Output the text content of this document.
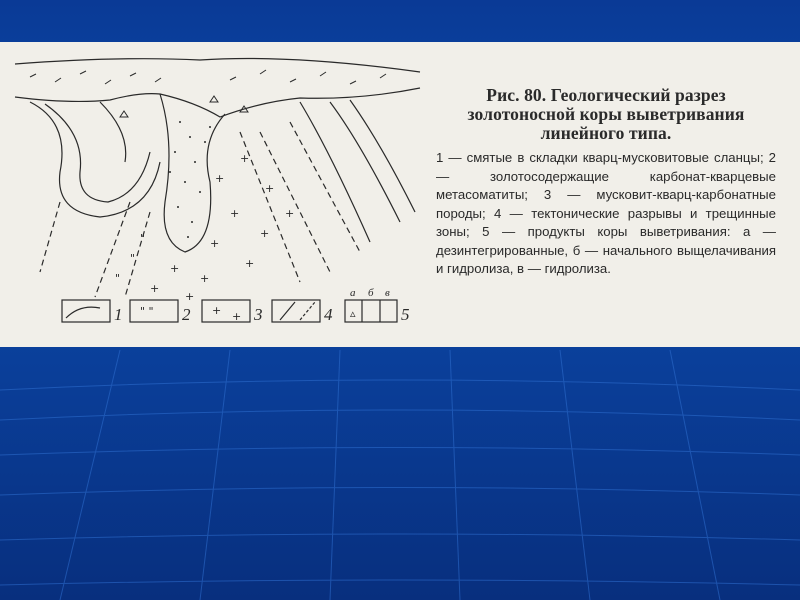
+
+
+
+
+
+
+
+
+
+
+
+
"
"
"
" "	+ +	▵
1	2	3	4	5
а б в

Рис. 80. Геологический разрез золотоносной коры выветривания линейного типа.

1 — смятые в складки кварц-мусковитовые сланцы; 2 — золотосодержащие карбонат-кварцевые метасоматиты; 3 — мусковит-кварц-карбонатные породы; 4 — тектонические разрывы и трещинные зоны; 5 — продукты коры выветривания: а — дезинтегрированные, б — начального выщелачивания и гидролиза, в — гидролиза.
